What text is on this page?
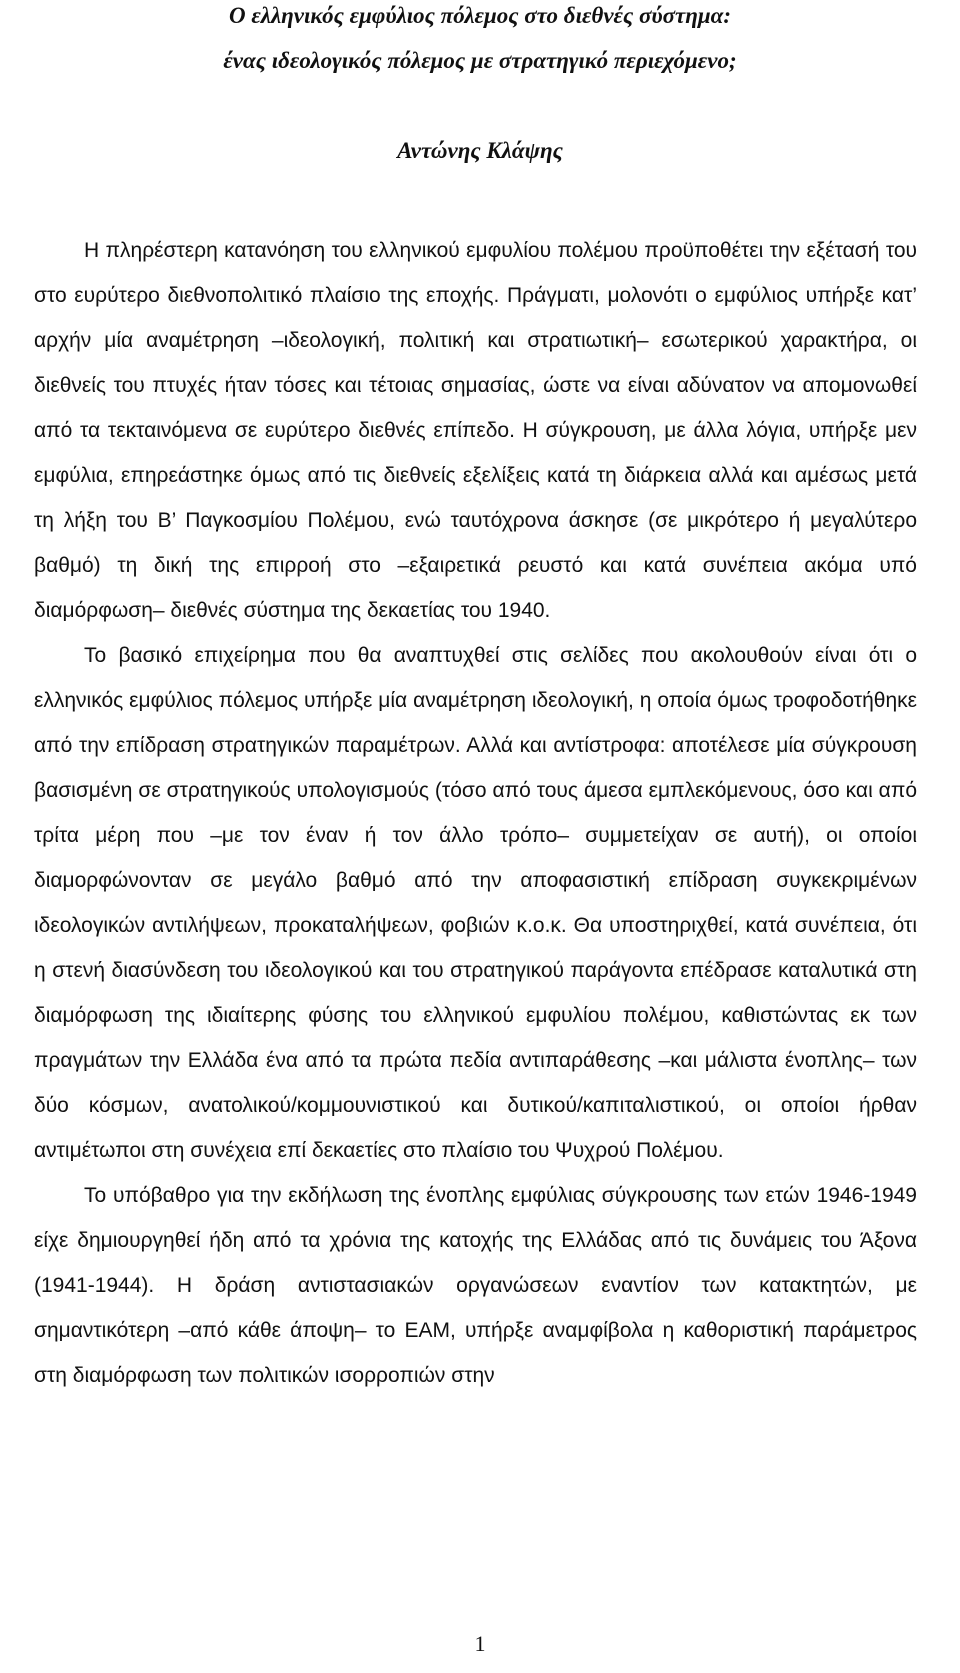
Ο ελληνικός εμφύλιος πόλεμος στο διεθνές σύστημα:
ένας ιδεολογικός πόλεμος με στρατηγικό περιεχόμενο;
Αντώνης Κλάψης

Η πληρέστερη κατανόηση του ελληνικού εμφυλίου πολέμου προϋποθέτει την εξέτασή του στο ευρύτερο διεθνοπολιτικό πλαίσιο της εποχής. Πράγματι, μολονότι ο εμφύλιος υπήρξε κατ’ αρχήν μία αναμέτρηση –ιδεολογική, πολιτική και στρατιωτική– εσωτερικού χαρακτήρα, οι διεθνείς του πτυχές ήταν τόσες και τέτοιας σημασίας, ώστε να είναι αδύνατον να απομονωθεί από τα τεκταινόμενα σε ευρύτερο διεθνές επίπεδο. Η σύγκρουση, με άλλα λόγια, υπήρξε μεν εμφύλια, επηρεάστηκε όμως από τις διεθνείς εξελίξεις κατά τη διάρκεια αλλά και αμέσως μετά τη λήξη του Β’ Παγκοσμίου Πολέμου, ενώ ταυτόχρονα άσκησε (σε μικρότερο ή μεγαλύτερο βαθμό) τη δική της επιρροή στο –εξαιρετικά ρευστό και κατά συνέπεια ακόμα υπό διαμόρφωση– διεθνές σύστημα της δεκαετίας του 1940.

Το βασικό επιχείρημα που θα αναπτυχθεί στις σελίδες που ακολουθούν είναι ότι ο ελληνικός εμφύλιος πόλεμος υπήρξε μία αναμέτρηση ιδεολογική, η οποία όμως τροφοδοτήθηκε από την επίδραση στρατηγικών παραμέτρων. Αλλά και αντίστροφα: αποτέλεσε μία σύγκρουση βασισμένη σε στρατηγικούς υπολογισμούς (τόσο από τους άμεσα εμπλεκόμενους, όσο και από τρίτα μέρη που –με τον έναν ή τον άλλο τρόπο– συμμετείχαν σε αυτή), οι οποίοι διαμορφώνονταν σε μεγάλο βαθμό από την αποφασιστική επίδραση συγκεκριμένων ιδεολογικών αντιλήψεων, προκαταλήψεων, φοβιών κ.ο.κ. Θα υποστηριχθεί, κατά συνέπεια, ότι η στενή διασύνδεση του ιδεολογικού και του στρατηγικού παράγοντα επέδρασε καταλυτικά στη διαμόρφωση της ιδιαίτερης φύσης του ελληνικού εμφυλίου πολέμου, καθιστώντας εκ των πραγμάτων την Ελλάδα ένα από τα πρώτα πεδία αντιπαράθεσης –και μάλιστα ένοπλης– των δύο κόσμων, ανατολικού/κομμουνιστικού και δυτικού/καπιταλιστικού, οι οποίοι ήρθαν αντιμέτωποι στη συνέχεια επί δεκαετίες στο πλαίσιο του Ψυχρού Πολέμου.

Το υπόβαθρο για την εκδήλωση της ένοπλης εμφύλιας σύγκρουσης των ετών 1946-1949 είχε δημιουργηθεί ήδη από τα χρόνια της κατοχής της Ελλάδας από τις δυνάμεις του Άξονα (1941-1944). Η δράση αντιστασιακών οργανώσεων εναντίον των κατακτητών, με σημαντικότερη –από κάθε άποψη– το ΕΑΜ, υπήρξε αναμφίβολα η καθοριστική παράμετρος στη διαμόρφωση των πολιτικών ισορροπιών στην

1
